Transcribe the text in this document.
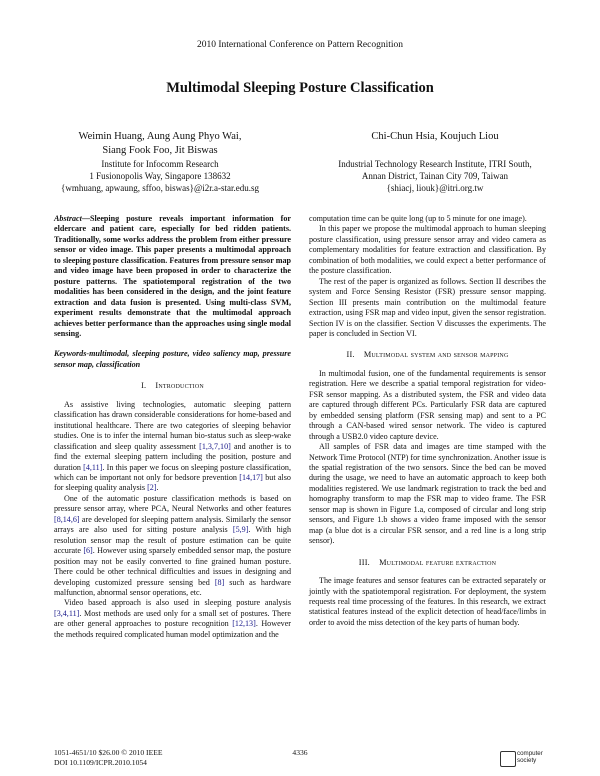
2010 International Conference on Pattern Recognition
Multimodal Sleeping Posture Classification
Weimin Huang, Aung Aung Phyo Wai,
Siang Fook Foo, Jit Biswas
Institute for Infocomm Research
1 Fusionopolis Way, Singapore 138632
{wmhuang, apwaung, sffoo, biswas}@i2r.a-star.edu.sg
Chi-Chun Hsia, Koujuch Liou
Industrial Technology Research Institute, ITRI South,
Annan District, Tainan City 709, Taiwan
{shiacj, liouk}@itri.org.tw

Abstract—Sleeping posture reveals important information for eldercare and patient care, especially for bed ridden patients. Traditionally, some works address the problem from either pressure sensor or video image. This paper presents a multimodal approach to sleeping posture classification. Features from pressure sensor map and video image have been proposed in order to characterize the posture patterns. The spatiotemporal registration of the two modalities has been considered in the design, and the joint feature extraction and data fusion is presented. Using multi-class SVM, experiment results demonstrate that the multimodal approach achieves better performance than the approaches using single modal sensing.

Keywords-multimodal, sleeping posture, video saliency map, pressure sensor map, classification

I. Introduction

As assistive living technologies, automatic sleeping pattern classification has drawn considerable considerations for home-based and institutional healthcare. There are two categories of sleeping behavior studies. One is to infer the internal human bio-status such as sleep-wake classification and sleep quality assessment [1,3,7,10] and another is to find the external sleeping pattern including the position, posture and duration [4,11]. In this paper we focus on sleeping posture classification, which can be important not only for bedsore prevention [14,17] but also for sleeping quality analysis [2].

One of the automatic posture classification methods is based on pressure sensor array, where PCA, Neural Networks and other features [8,14,6] are developed for sleeping pattern analysis. Similarly the sensor arrays are also used for sitting posture analysis [5,9]. With high resolution sensor map the result of posture estimation can be quite accurate [6]. However using sparsely embedded sensor map, the posture position may not be easily converted to fine grained human posture. There could be other technical difficulties and issues in designing and developing customized pressure sensing bed [8] such as hardware malfunction, abnormal sensor operations, etc.

Video based approach is also used in sleeping posture analysis [3,4,11]. Most methods are used only for a small set of postures. There are other general approaches to posture recognition [12,13]. However the methods required complicated human model optimization and the

computation time can be quite long (up to 5 minute for one image).

In this paper we propose the multimodal approach to human sleeping posture classification, using pressure sensor array and video camera as complementary modalities for feature extraction and classification. By combination of both modalities, we could expect a better performance of the posture classification.

The rest of the paper is organized as follows. Section II describes the system and Force Sensing Resistor (FSR) pressure sensor mapping. Section III presents main contribution on the multimodal feature extraction, using FSR map and video input, given the sensor registration. Section IV is on the classifier. Section V discusses the experiments. The paper is concluded in Section VI.

II. Multimodal system and sensor mapping

In multimodal fusion, one of the fundamental requirements is sensor registration. Here we describe a spatial temporal registration for video-FSR sensor mapping. As a distributed system, the FSR and video data are captured through different PCs. Particularly FSR data are captured by embedded sensing platform (FSR sensing map) and sent to a PC through a CAN-based wired sensor network. The video is captured through a USB2.0 video capture device.

All samples of FSR data and images are time stamped with the Network Time Protocol (NTP) for time synchronization. Another issue is the spatial registration of the two sensors. Since the bed can be moved during the usage, we need to have an automatic approach to keep both modalities registered. We use landmark registration to track the bed and homography transform to map the FSR map to video frame. The FSR sensor map is shown in Figure 1.a, composed of circular and long strip sensors, and Figure 1.b shows a video frame imposed with the sensor map (a blue dot is a circular FSR sensor, and a red line is a long strip sensor).

III. Multimodal feature extraction

The image features and sensor features can be extracted separately or jointly with the spatiotemporal registration. For deployment, the system requests real time processing of the features. In this research, we extract statistical features instead of the explicit detection of head/face/limbs in order to avoid the miss detection of the key parts of human body.

1051-4651/10 $26.00 © 2010 IEEE
DOI 10.1109/ICPR.2010.1054
4336	computer
society
